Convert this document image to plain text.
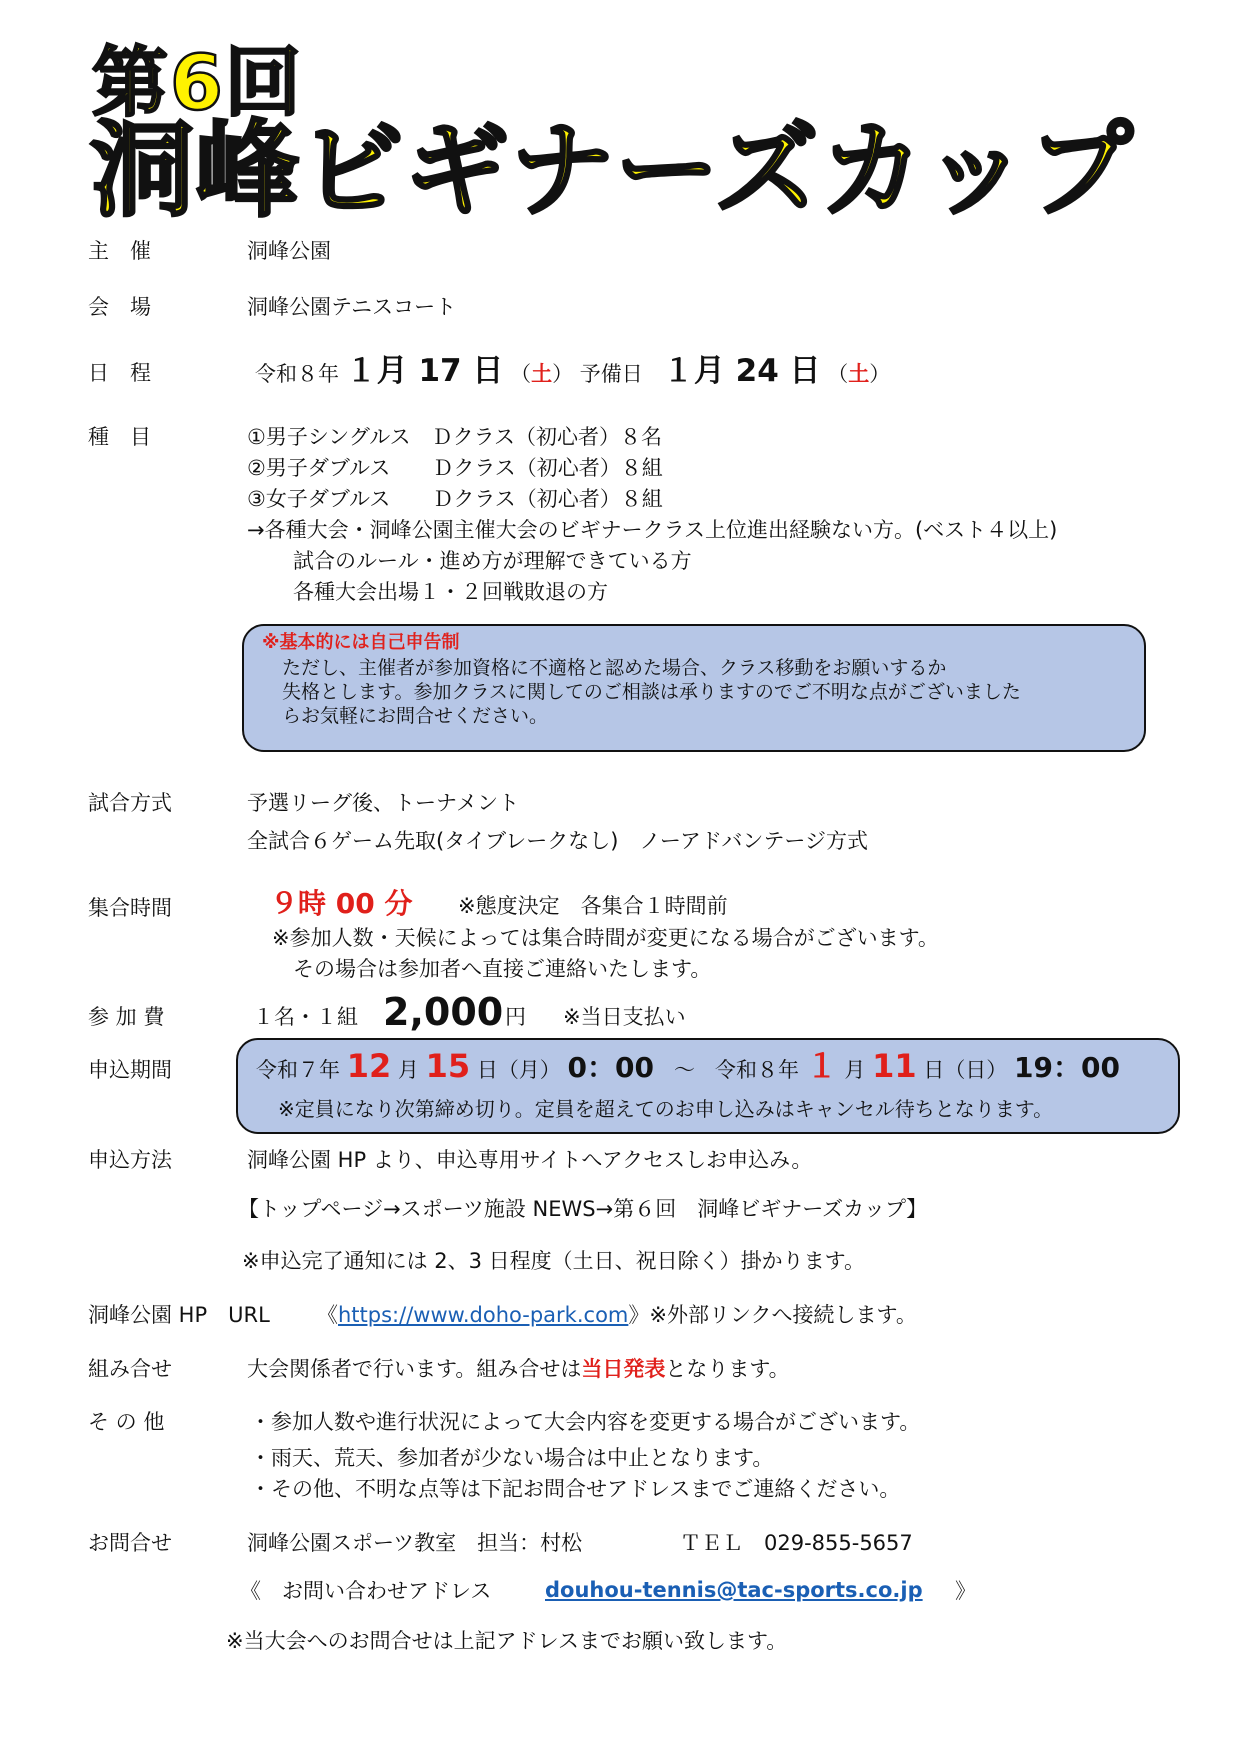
第6回
洞峰ビギナーズカップ
主　催	洞峰公園
会　場	洞峰公園テニスコート
日　程	令和８年 １月 17 日 （土） 予備日 １月 24 日 （土）
種　目	①男子シングルス　Ｄクラス（初心者）８名
②男子ダブルス　　Ｄクラス（初心者）８組
③女子ダブルス　　Ｄクラス（初心者）８組
→各種大会・洞峰公園主催大会のビギナークラス上位進出経験ない方。(ベスト４以上)
試合のルール・進め方が理解できている方
各種大会出場１・２回戦敗退の方
※基本的には自己申告制
ただし、主催者が参加資格に不適格と認めた場合、クラス移動をお願いするか
失格とします。参加クラスに関してのご相談は承りますのでご不明な点がございました
らお気軽にお問合せください。
試合方式	予選リーグ後、トーナメント
全試合６ゲーム先取(タイブレークなし)　ノーアドバンテージ方式
集合時間	９時 00 分 ※態度決定　各集合１時間前
※参加人数・天候によっては集合時間が変更になる場合がございます。
その場合は参加者へ直接ご連絡いたします。
参 加 費	１名・１組 2,000 円 ※当日支払い
申込期間	令和７年 12 月 15 日（月） 0：00 ～ 令和８年 １ 月 11 日（日） 19：00
※定員になり次第締め切り。定員を超えてのお申し込みはキャンセル待ちとなります。
申込方法	洞峰公園 HP より、申込専用サイトへアクセスしお申込み。
【トップページ→スポーツ施設 NEWS→第６回　洞峰ビギナーズカップ】
※申込完了通知には 2、3 日程度（土日、祝日除く）掛かります。
洞峰公園 HP　URL 《https://www.doho-park.com》※外部リンクへ接続します。
組み合せ	大会関係者で行います。組み合せは当日発表となります。
そ の 他	・参加人数や進行状況によって大会内容を変更する場合がございます。
・雨天、荒天、参加者が少ない場合は中止となります。
・その他、不明な点等は下記お問合せアドレスまでご連絡ください。
お問合せ	洞峰公園スポーツ教室　担当：村松	ＴＥＬ　029-855-5657
《　お問い合わせアドレス	douhou-tennis@tac-sports.co.jp 》
※当大会へのお問合せは上記アドレスまでお願い致します。
